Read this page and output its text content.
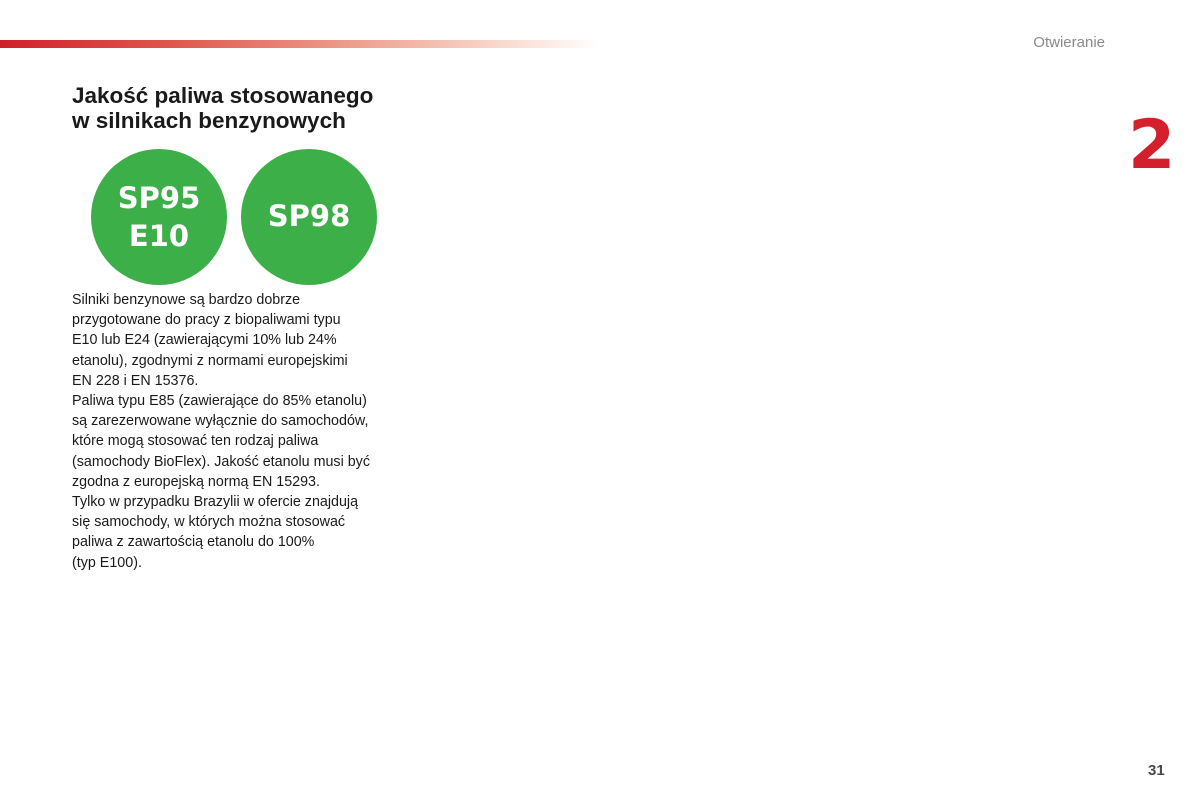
Otwieranie
2
Jakość paliwa stosowanego
w silnikach benzynowych
SP95
E10
SP98
Silniki benzynowe są bardzo dobrze
przygotowane do pracy z biopaliwami typu
E10 lub E24 (zawierającymi 10% lub 24%
etanolu), zgodnymi z normami europejskimi
EN 228 i EN 15376.
Paliwa typu E85 (zawierające do 85% etanolu)
są zarezerwowane wyłącznie do samochodów,
które mogą stosować ten rodzaj paliwa
(samochody BioFlex). Jakość etanolu musi być
zgodna z europejską normą EN 15293.
Tylko w przypadku Brazylii w ofercie znajdują
się samochody, w których można stosować
paliwa z zawartością etanolu do 100%
(typ E100).
31
